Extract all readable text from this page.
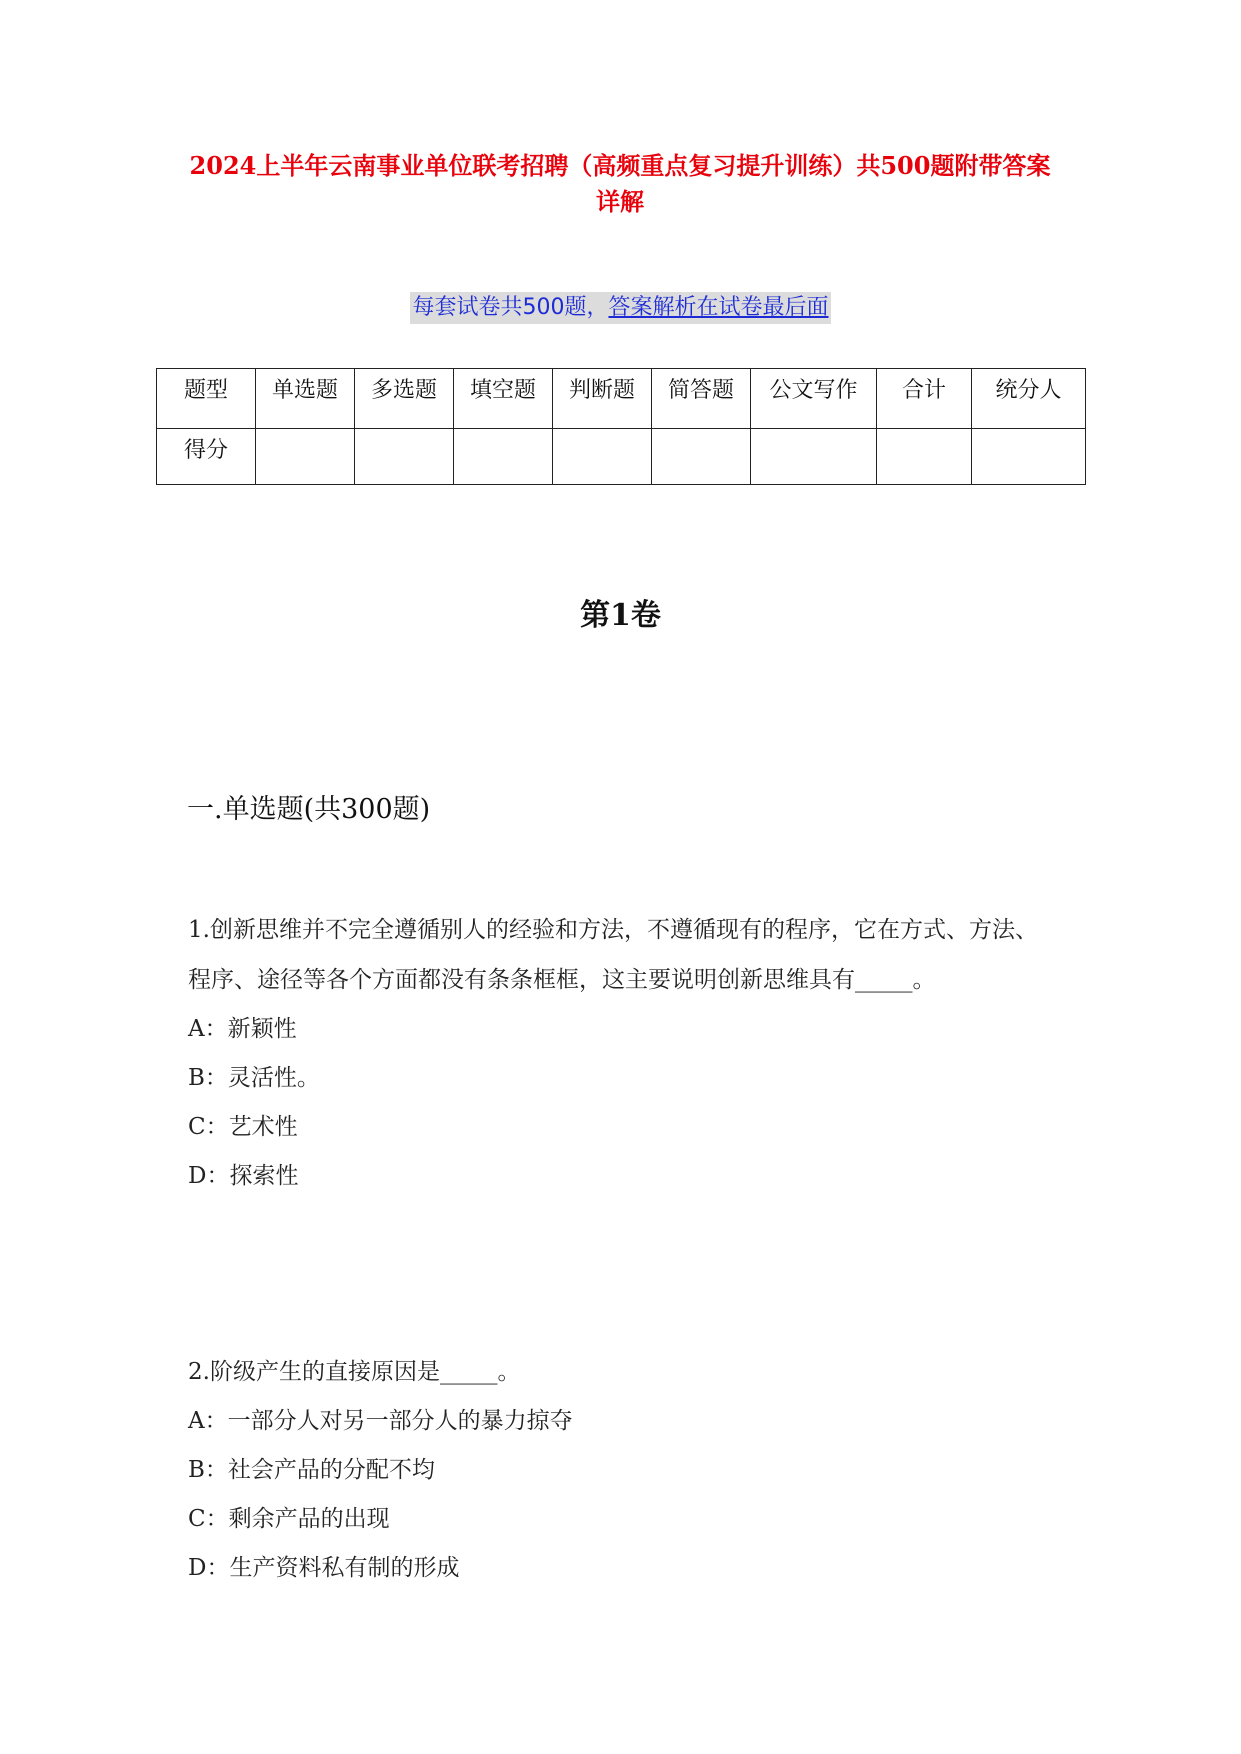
2024上半年云南事业单位联考招聘（高频重点复习提升训练）共500题附带答案详解
每套试卷共500题，答案解析在试卷最后面
题型	单选题	多选题	填空题	判断题	简答题	公文写作	合计	统分人
得分								
第1卷
一.单选题(共300题)

1.创新思维并不完全遵循别人的经验和方法，不遵循现有的程序，它在方式、方法、程序、途径等各个方面都没有条条框框，这主要说明创新思维具有_____。

A：新颖性

B：灵活性。

C：艺术性

D：探索性

2.阶级产生的直接原因是_____。

A：一部分人对另一部分人的暴力掠夺

B：社会产品的分配不均

C：剩余产品的出现

D：生产资料私有制的形成
